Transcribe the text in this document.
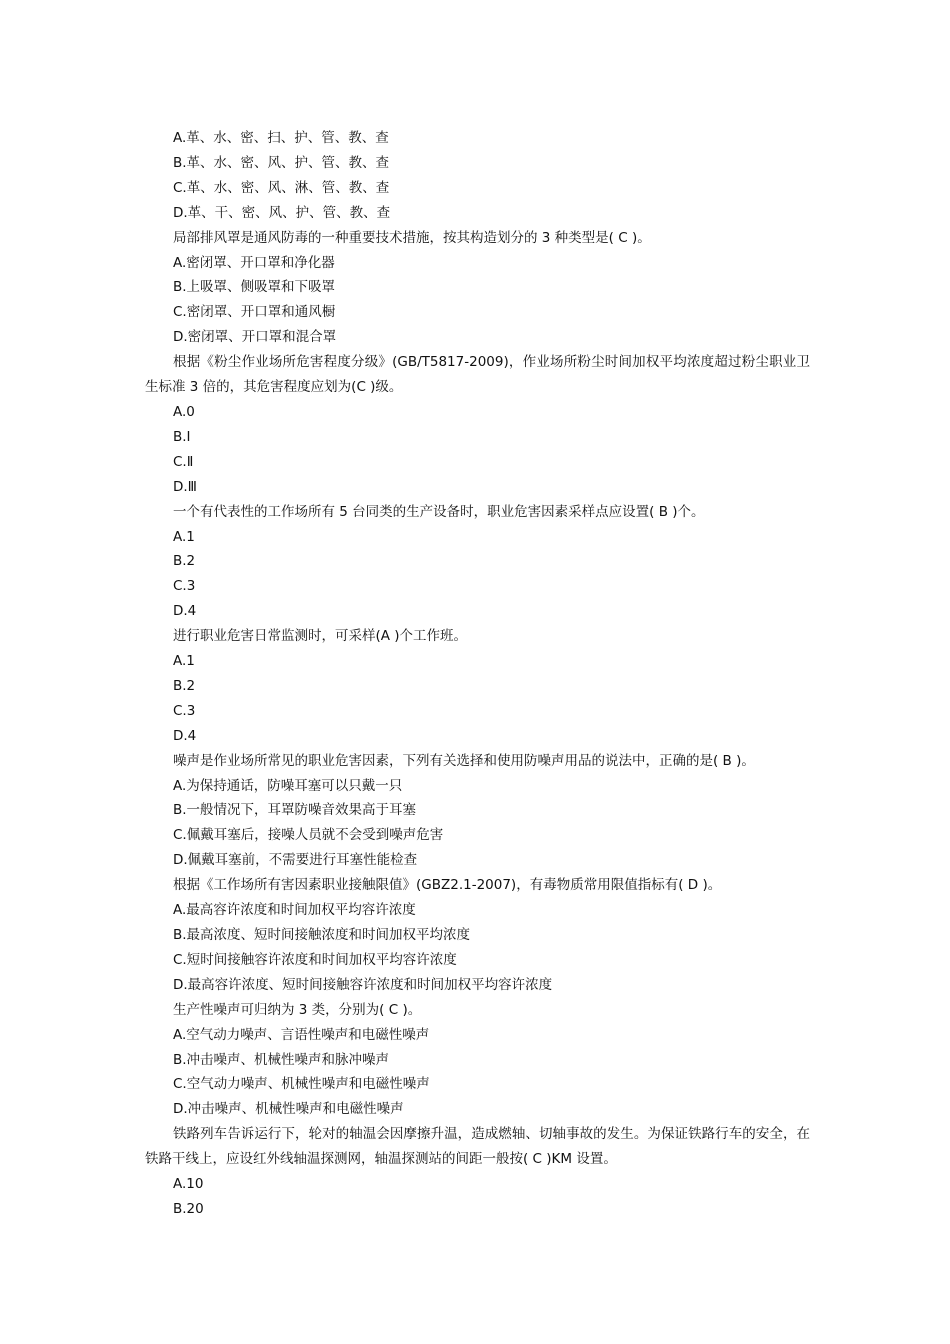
A.革、水、密、扫、护、管、教、查
B.革、水、密、风、护、管、教、查
C.革、水、密、风、淋、管、教、查
D.革、干、密、风、护、管、教、查
局部排风罩是通风防毒的一种重要技术措施，按其构造划分的 3 种类型是( C )。
A.密闭罩、开口罩和净化器
B.上吸罩、侧吸罩和下吸罩
C.密闭罩、开口罩和通风橱
D.密闭罩、开口罩和混合罩
根据《粉尘作业场所危害程度分级》(GB/T5817-2009)，作业场所粉尘时间加权平均浓度超过粉尘职业卫生标准 3 倍的，其危害程度应划为(C )级。
A.0
B.Ⅰ
C.Ⅱ
D.Ⅲ
一个有代表性的工作场所有 5 台同类的生产设备时，职业危害因素采样点应设置( B )个。
A.1
B.2
C.3
D.4
进行职业危害日常监测时，可采样(A )个工作班。
A.1
B.2
C.3
D.4
噪声是作业场所常见的职业危害因素，下列有关选择和使用防噪声用品的说法中，正确的是( B )。
A.为保持通话，防噪耳塞可以只戴一只
B.一般情况下，耳罩防噪音效果高于耳塞
C.佩戴耳塞后，接噪人员就不会受到噪声危害
D.佩戴耳塞前，不需要进行耳塞性能检查
根据《工作场所有害因素职业接触限值》(GBZ2.1-2007)，有毒物质常用限值指标有( D )。
A.最高容许浓度和时间加权平均容许浓度
B.最高浓度、短时间接触浓度和时间加权平均浓度
C.短时间接触容许浓度和时间加权平均容许浓度
D.最高容许浓度、短时间接触容许浓度和时间加权平均容许浓度
生产性噪声可归纳为 3 类，分别为( C )。
A.空气动力噪声、言语性噪声和电磁性噪声
B.冲击噪声、机械性噪声和脉冲噪声
C.空气动力噪声、机械性噪声和电磁性噪声
D.冲击噪声、机械性噪声和电磁性噪声
铁路列车告诉运行下，轮对的轴温会因摩擦升温，造成燃轴、切轴事故的发生。为保证铁路行车的安全，在铁路干线上，应设红外线轴温探测网，轴温探测站的间距一般按( C )KM 设置。
A.10
B.20
